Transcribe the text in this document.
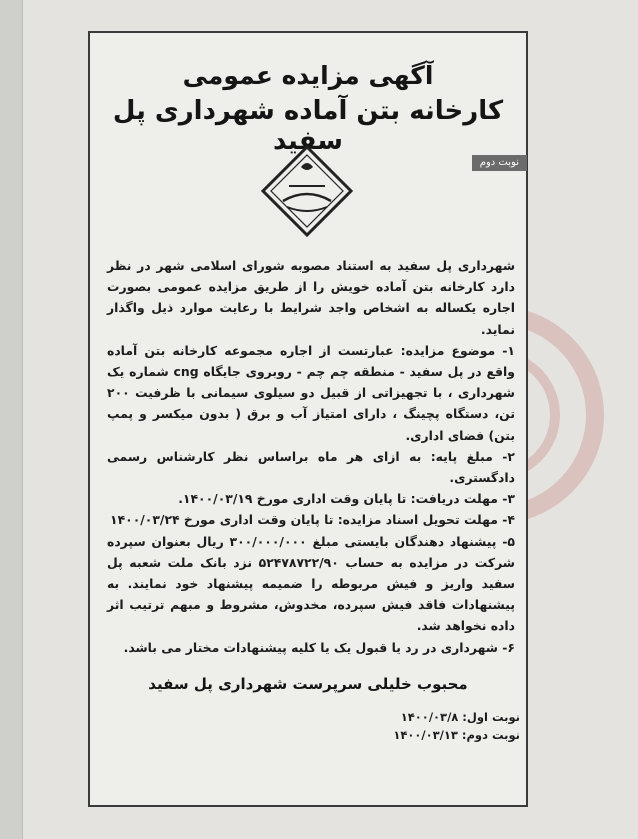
آگهی مزایده عمومی
کارخانه بتن آماده شهرداری پل سفید
نوبت دوم

شهرداری پل سفید به استناد مصوبه شورای اسلامی شهر در نظر دارد کارخانه بتن آماده خویش را از طریق مزایده عمومی بصورت اجاره یکساله به اشخاص واجد شرایط با رعایت موارد ذیل واگذار نماید.

۱- موضوع مزایده: عبارتست از اجاره مجموعه کارخانه بتن آماده واقع در پل سفید - منطقه چم چم - روبروی جایگاه cng شماره یک شهرداری ، با تجهیزاتی از قبیل دو سیلوی سیمانی با ظرفیت ۲۰۰ تن، دستگاه پچینگ ، دارای امتیاز آب و برق ( بدون میکسر و پمپ بتن) فضای اداری.

۲- مبلغ پایه: به ازای هر ماه براساس نظر کارشناس رسمی دادگستری.

۳- مهلت دریافت: تا پایان وقت اداری مورخ ۱۴۰۰/۰۳/۱۹.

۴- مهلت تحویل اسناد مزایده: تا پایان وقت اداری مورخ ۱۴۰۰/۰۳/۲۴

۵- پیشنهاد دهندگان بایستی مبلغ ۳۰۰/۰۰۰/۰۰۰ ریال بعنوان سپرده شرکت در مزایده به حساب ۵۲۴۷۸۷۲۲/۹۰ نزد بانک ملت شعبه پل سفید واریز و فیش مربوطه را ضمیمه پیشنهاد خود نمایند. به پیشنهادات فاقد فیش سپرده، مخدوش، مشروط و مبهم ترتیب اثر داده نخواهد شد.

۶- شهرداری در رد یا قبول یک یا کلیه پیشنهادات مختار می باشد.

محبوب خلیلی سرپرست شهرداری پل سفید
نوبت اول: ۱۴۰۰/۰۳/۸
نوبت دوم: ۱۴۰۰/۰۳/۱۳
